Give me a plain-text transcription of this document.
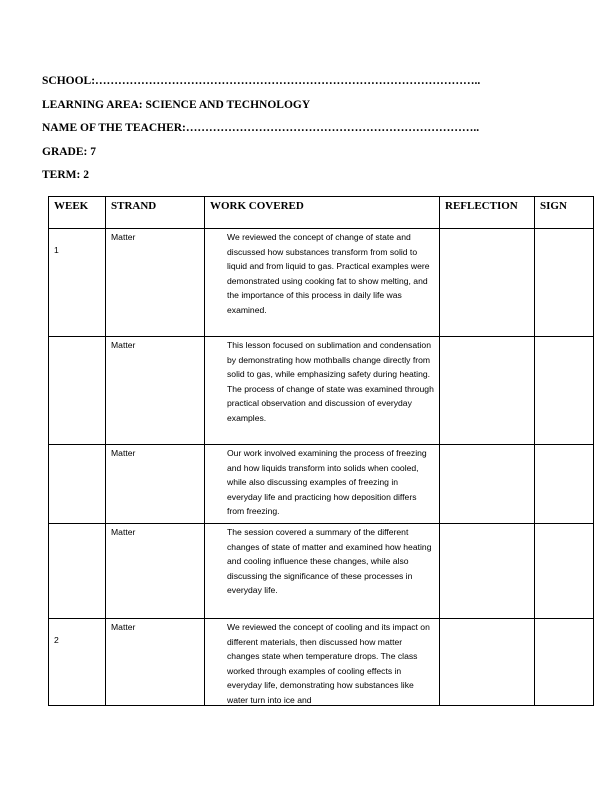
SCHOOL:………………………………………………………………………………………..
LEARNING AREA: SCIENCE AND TECHNOLOGY
NAME OF THE TEACHER:…………………………………………………………………..
GRADE: 7
TERM: 2
WEEK	STRAND	WORK COVERED	REFLECTION	SIGN
1	Matter	We reviewed the concept of change of state and discussed how substances transform from solid to liquid and from liquid to gas. Practical examples were demonstrated using cooking fat to show melting, and the importance of this process in daily life was examined.		
	Matter	This lesson focused on sublimation and condensation by demonstrating how mothballs change directly from solid to gas, while emphasizing safety during heating. The process of change of state was examined through practical observation and discussion of everyday examples.		
	Matter	Our work involved examining the process of freezing and how liquids transform into solids when cooled, while also discussing examples of freezing in everyday life and practicing how deposition differs from freezing.		
	Matter	The session covered a summary of the different changes of state of matter and examined how heating and cooling influence these changes, while also discussing the significance of these processes in everyday life.		
2	Matter	We reviewed the concept of cooling and its impact on different materials, then discussed how matter changes state when temperature drops. The class worked through examples of cooling effects in everyday life, demonstrating how substances like water turn into ice and		
